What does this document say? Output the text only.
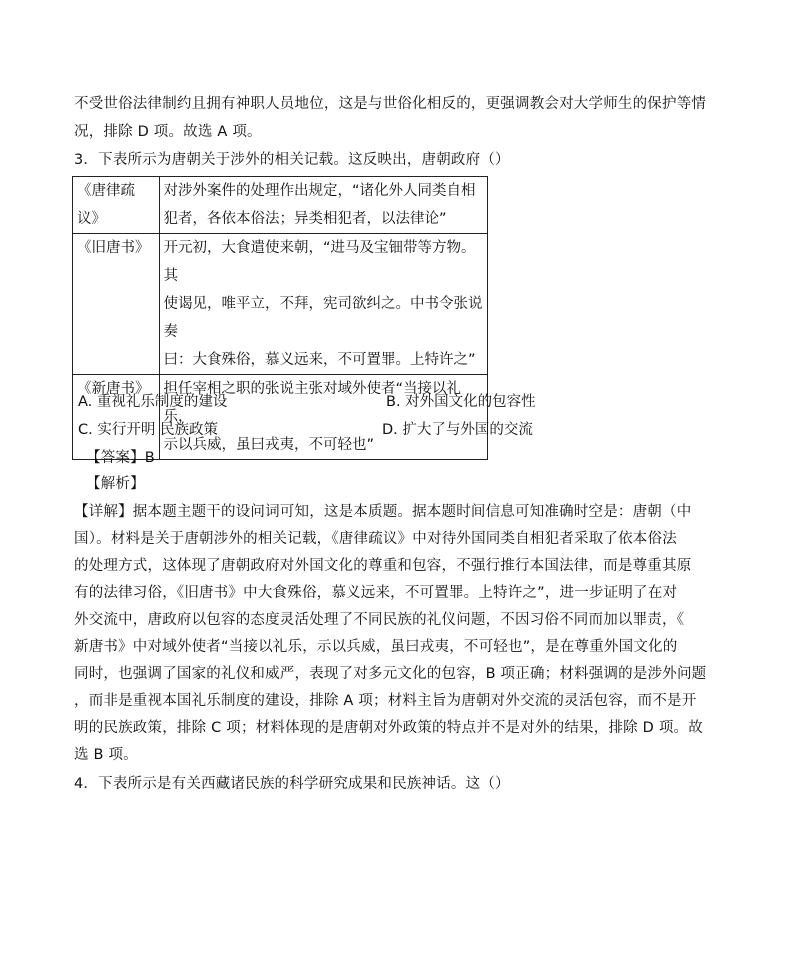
不受世俗法律制约且拥有神职人员地位，这是与世俗化相反的，更强调教会对大学师生的保护等情
况，排除 D 项。故选 A 项。
3．下表所示为唐朝关于涉外的相关记载。这反映出，唐朝政府（）
《唐律疏议》	对涉外案件的处理作出规定，“诸化外人同类自相
犯者，各依本俗法；异类相犯者，以法律论”

《旧唐书》	开元初，大食遣使来朝，“进马及宝钿带等方物。其
使谒见，唯平立，不拜，宪司欲纠之。中书令张说奏
曰：大食殊俗，慕义远来，不可置罪。上特许之”

《新唐书》	担任宰相之职的张说主张对域外使者“当接以礼乐，
示以兵威，虽曰戎夷，不可轻也”
A. 重视礼乐制度的建设	B. 对外国文化的包容性
C. 实行开明 民族政策	D. 扩大了与外国的交流
【答案】B
【解析】
【详解】据本题主题干的设问词可知，这是本质题。据本题时间信息可知准确时空是：唐朝（中
国）。材料是关于唐朝涉外的相关记载，《唐律疏议》中对待外国同类自相犯者采取了依本俗法
的处理方式，这体现了唐朝政府对外国文化的尊重和包容，不强行推行本国法律，而是尊重其原
有的法律习俗，《旧唐书》中大食殊俗，慕义远来，不可置罪。上特许之”，进一步证明了在对
外交流中，唐政府以包容的态度灵活处理了不同民族的礼仪问题，不因习俗不同而加以罪责，《
新唐书》中对域外使者“当接以礼乐，示以兵威，虽曰戎夷，不可轻也”，是在尊重外国文化的
同时，也强调了国家的礼仪和威严，表现了对多元文化的包容，B 项正确；材料强调的是涉外问题
，而非是重视本国礼乐制度的建设，排除 A 项；材料主旨为唐朝对外交流的灵活包容，而不是开
明的民族政策，排除 C 项；材料体现的是唐朝对外政策的特点并不是对外的结果，排除 D 项。故
选 B 项。
4．下表所示是有关西藏诸民族的科学研究成果和民族神话。这（）
